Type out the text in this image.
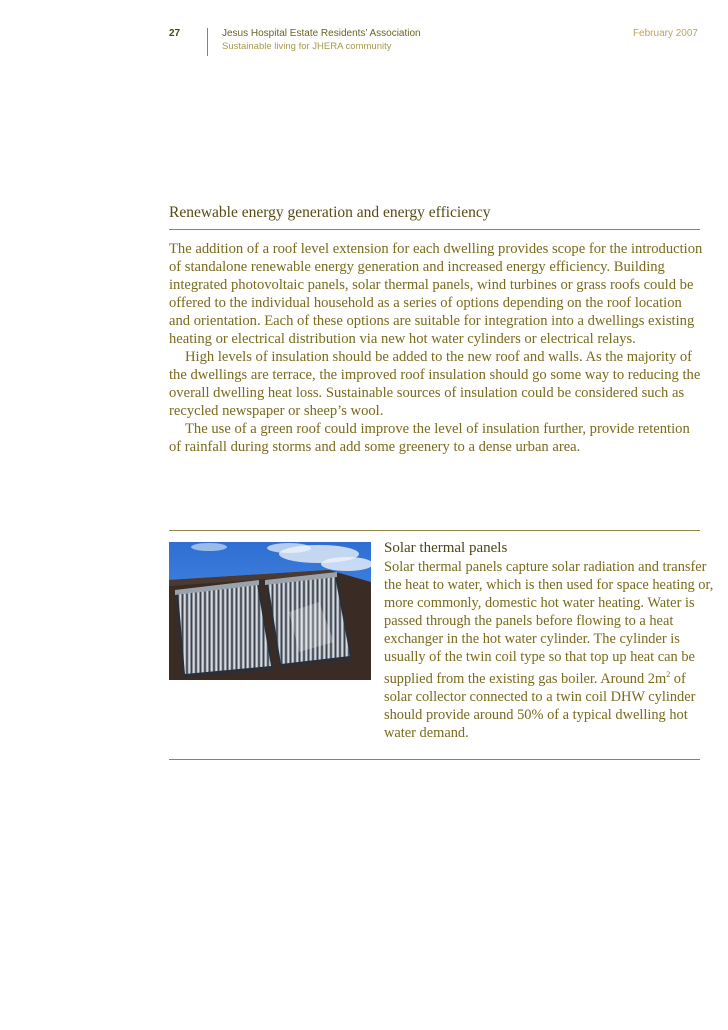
27	Jesus Hospital Estate Residents’ Association
Sustainable living for JHERA community
February 2007
Renewable energy generation and energy efficiency

The addition of a roof level extension for each dwelling provides scope for the introduction of standalone renewable energy generation and increased energy efficiency. Building integrated photovoltaic panels, solar thermal panels, wind turbines or grass roofs could be offered to the individual household as a series of options depending on the roof location and orientation. Each of these options are suitable for integration into a dwellings existing heating or electrical distribution via new hot water cylinders or electrical relays.

High levels of insulation should be added to the new roof and walls. As the majority of the dwellings are terrace, the improved roof insulation should go some way to reducing the overall dwelling heat loss. Sustainable sources of insulation could be considered such as recycled newspaper or sheep’s wool.

The use of a green roof could improve the level of insulation further, provide retention of rainfall during storms and add some greenery to a dense urban area.

Solar thermal panels
Solar thermal panels capture solar radiation and transfer the heat to water, which is then used for space heating or, more commonly, domestic hot water heating. Water is passed through the panels before flowing to a heat exchanger in the hot water cylinder. The cylinder is usually of the twin coil type so that top up heat can be supplied from the existing gas boiler. Around $2m^2$ of solar collector connected to a twin coil DHW cylinder should provide around 50% of a typical dwelling hot water demand.
